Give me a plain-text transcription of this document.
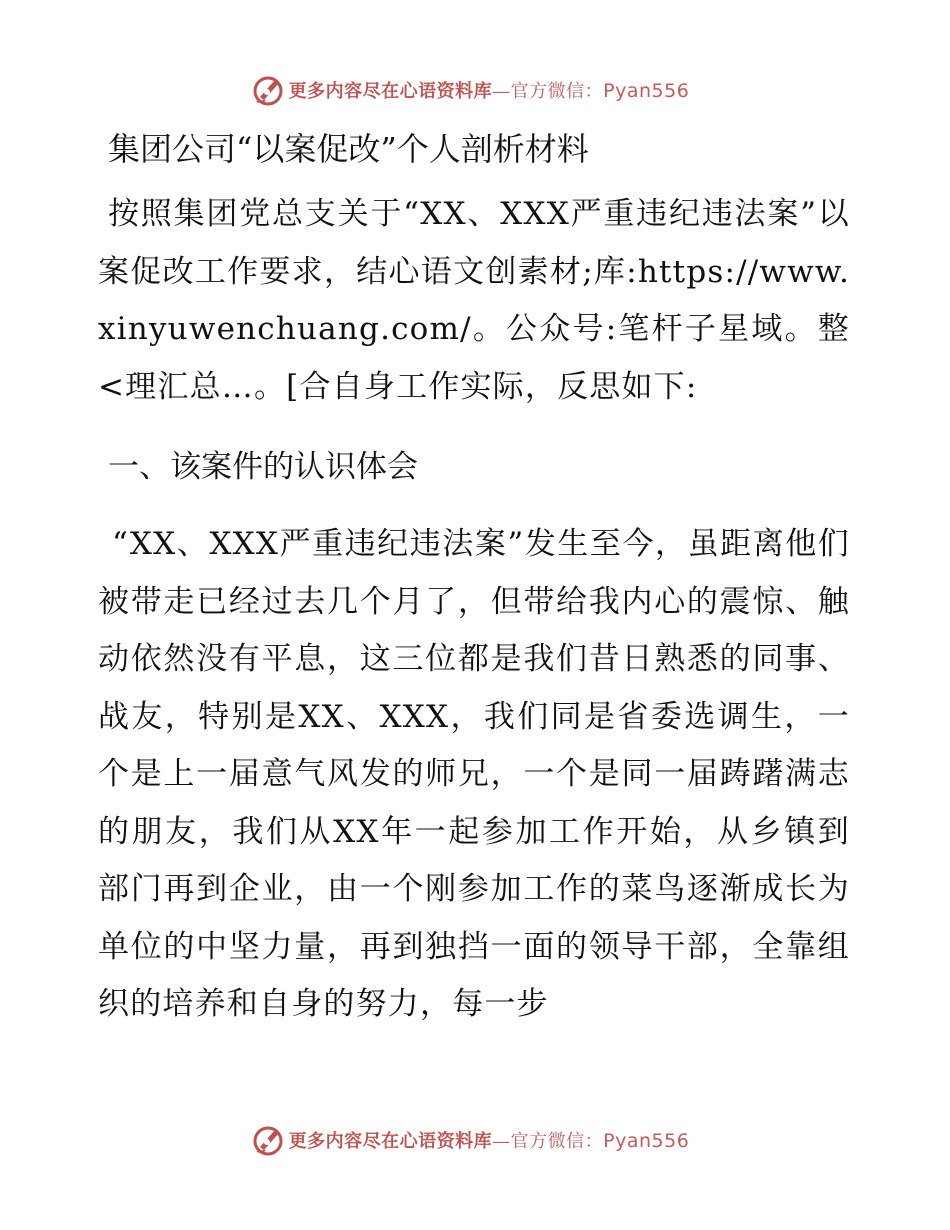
更多内容尽在心语资料库—官方微信：Pyan556

集团公司“以案促改”个人剖析材料

按照集团党总支关于“XX、XXX严重违纪违法案”以案促改工作要求，结心语文创素材;库:https://www.xinyuwenchuang.com/。公众号:笔杆子星域。整<理汇总…。[合自身工作实际，反思如下:

一、该案件的认识体会

“XX、XXX严重违纪违法案”发生至今，虽距离他们被带走已经过去几个月了，但带给我内心的震惊、触动依然没有平息，这三位都是我们昔日熟悉的同事、战友，特别是XX、XXX，我们同是省委选调生，一个是上一届意气风发的师兄，一个是同一届踌躇满志的朋友，我们从XX年一起参加工作开始，从乡镇到部门再到企业，由一个刚参加工作的菜鸟逐渐成长为单位的中坚力量，再到独挡一面的领导干部，全靠组织的培养和自身的努力，每一步

更多内容尽在心语资料库—官方微信：Pyan556
